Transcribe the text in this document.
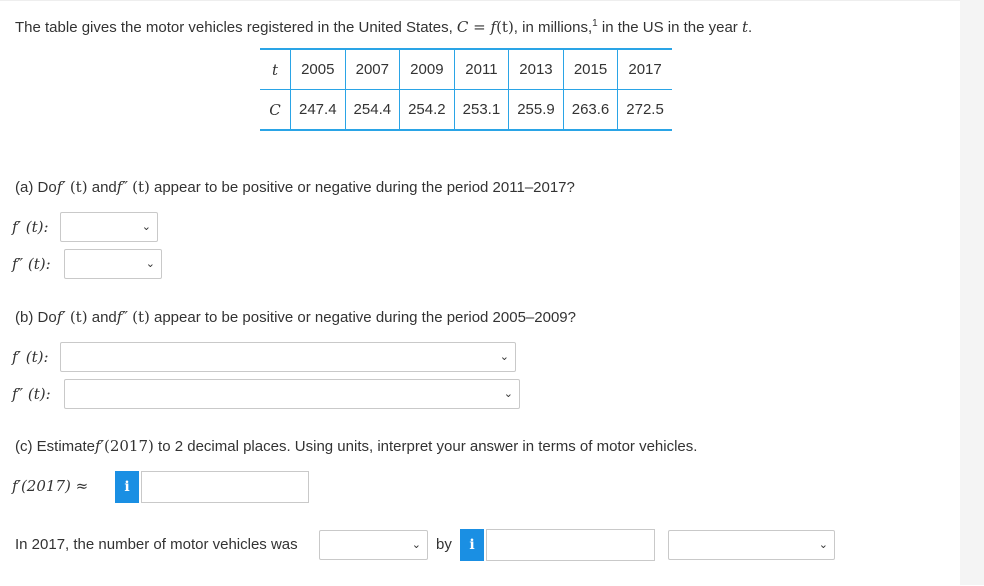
The table gives the motor vehicles registered in the United States, C = f(t), in millions,$^1$ in the US in the year t.
t	2005	2007	2009	2011	2013	2015	2017
C	247.4	254.4	254.2	253.1	255.9	263.6	272.5
(a) Dof′ (t) andf″ (t) appear to be positive or negative during the period 2011–2017?
f′ (t):	⌄
f″ (t):	⌄
(b) Dof′ (t) andf″ (t) appear to be positive or negative during the period 2005–2009?
f′ (t):	⌄
f″ (t):	⌄
(c) Estimatef′(2017) to 2 decimal places. Using units, interpret your answer in terms of motor vehicles.
f′(2017) ≈	i
In 2017, the number of motor vehicles was	⌄ by	i	⌄
